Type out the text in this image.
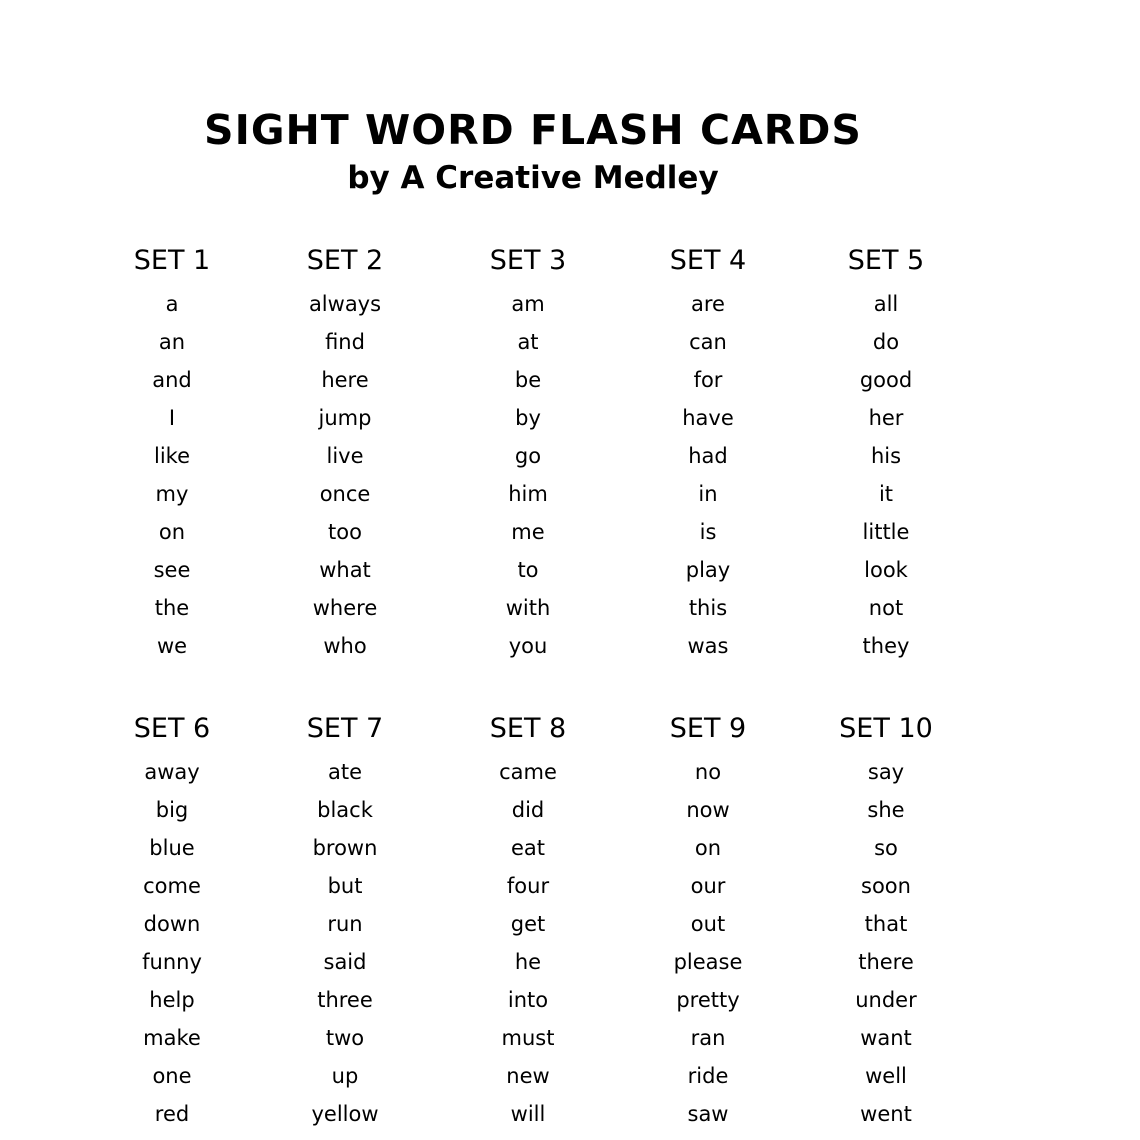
SIGHT WORD FLASH CARDS
by A Creative Medley
SET 1
a
an
and
I
like
my
on
see
the
we
SET 2
always
find
here
jump
live
once
too
what
where
who
SET 3
am
at
be
by
go
him
me
to
with
you
SET 4
are
can
for
have
had
in
is
play
this
was
SET 5
all
do
good
her
his
it
little
look
not
they
SET 6
away
big
blue
come
down
funny
help
make
one
red
SET 7
ate
black
brown
but
run
said
three
two
up
yellow
SET 8
came
did
eat
four
get
he
into
must
new
will
SET 9
no
now
on
our
out
please
pretty
ran
ride
saw
SET 10
say
she
so
soon
that
there
under
want
well
went
